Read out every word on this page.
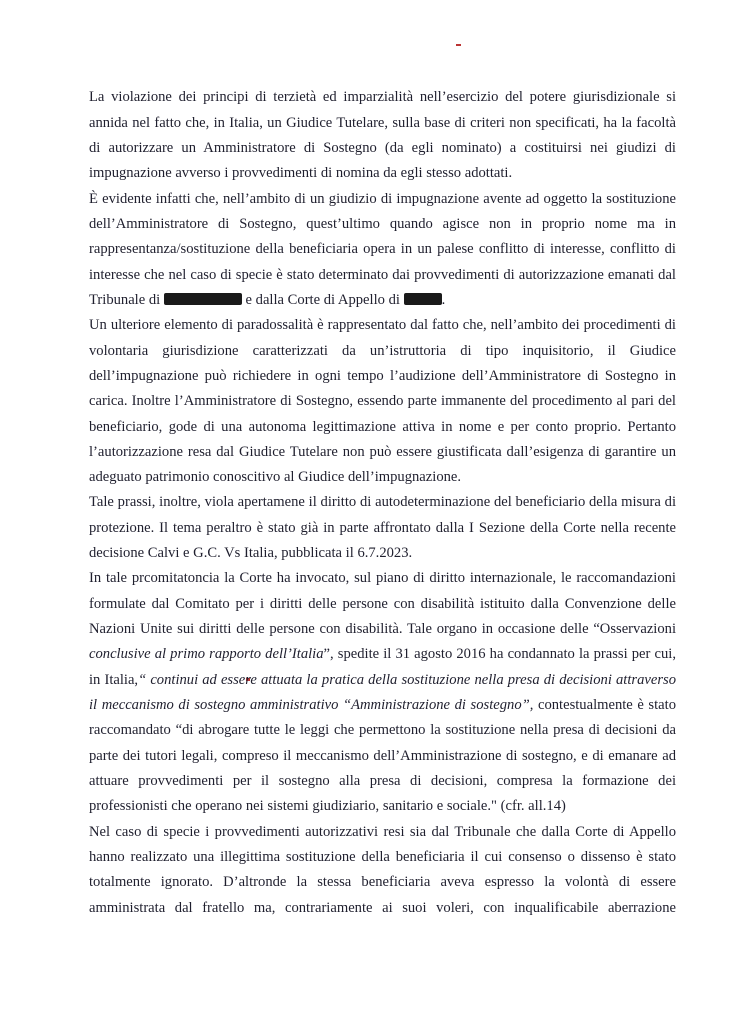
La violazione dei principi di terzietà ed imparzialità nell’esercizio del potere giurisdizionale si
annida nel fatto che, in Italia, un Giudice Tutelare, sulla base di criteri non specificati, ha la facoltà
di autorizzare un Amministratore di Sostegno (da egli nominato) a costituirsi nei giudizi di
impugnazione avverso i provvedimenti di nomina da egli stesso adottati.
È evidente infatti che, nell’ambito di un giudizio di impugnazione avente ad oggetto la sostituzione
dell’Amministratore di Sostegno, quest’ultimo quando agisce non in proprio nome ma in
rappresentanza/sostituzione della beneficiaria opera in un palese conflitto di interesse, conflitto di
interesse che nel caso di specie è stato determinato dai provvedimenti di autorizzazione emanati dal
Tribunale di	e dalla Corte di Appello di	.
Un ulteriore elemento di paradossalità è rappresentato dal fatto che, nell’ambito dei procedimenti di
volontaria giurisdizione caratterizzati da un’istruttoria di tipo inquisitorio, il Giudice
dell’impugnazione può richiedere in ogni tempo l’audizione dell’Amministratore di Sostegno in
carica. Inoltre l’Amministratore di Sostegno, essendo parte immanente del procedimento al pari del
beneficiario, gode di una autonoma legittimazione attiva in nome e per conto proprio. Pertanto
l’autorizzazione resa dal Giudice Tutelare non può essere giustificata dall’esigenza di garantire un
adeguato patrimonio conoscitivo al Giudice dell’impugnazione.
Tale prassi, inoltre, viola apertamene il diritto di autodeterminazione del beneficiario della misura di
protezione. Il tema peraltro è stato già in parte affrontato dalla I Sezione della Corte nella recente
decisione Calvi e G.C. Vs Italia, pubblicata il 6.7.2023.
In tale prcomitatoncia la Corte ha invocato, sul piano di diritto internazionale, le raccomandazioni
formulate dal Comitato per i diritti delle persone con disabilità istituito dalla Convenzione delle
Nazioni Unite sui diritti delle persone con disabilità. Tale organo in occasione delle “Osservazioni
conclusive al primo rapporto dell’Italia”, spedite il 31 agosto 2016 ha condannato la prassi per cui,
in Italia,“ continui ad essere attuata la pratica della sostituzione nella presa di decisioni attraverso
il meccanismo di sostegno amministrativo “Amministrazione di sostegno”, contestualmente è stato
raccomandato “di abrogare tutte le leggi che permettono la sostituzione nella presa di decisioni da
parte dei tutori legali, compreso il meccanismo dell’Amministrazione di sostegno, e di emanare ad
attuare provvedimenti per il sostegno alla presa di decisioni, compresa la formazione dei
professionisti che operano nei sistemi giudiziario, sanitario e sociale." (cfr. all.14)
Nel caso di specie i provvedimenti autorizzativi resi sia dal Tribunale che dalla Corte di Appello
hanno realizzato una illegittima sostituzione della beneficiaria il cui consenso o dissenso è stato
totalmente ignorato. D’altronde la stessa beneficiaria aveva espresso la volontà di essere
amministrata dal fratello ma, contrariamente ai suoi voleri, con inqualificabile aberrazione
